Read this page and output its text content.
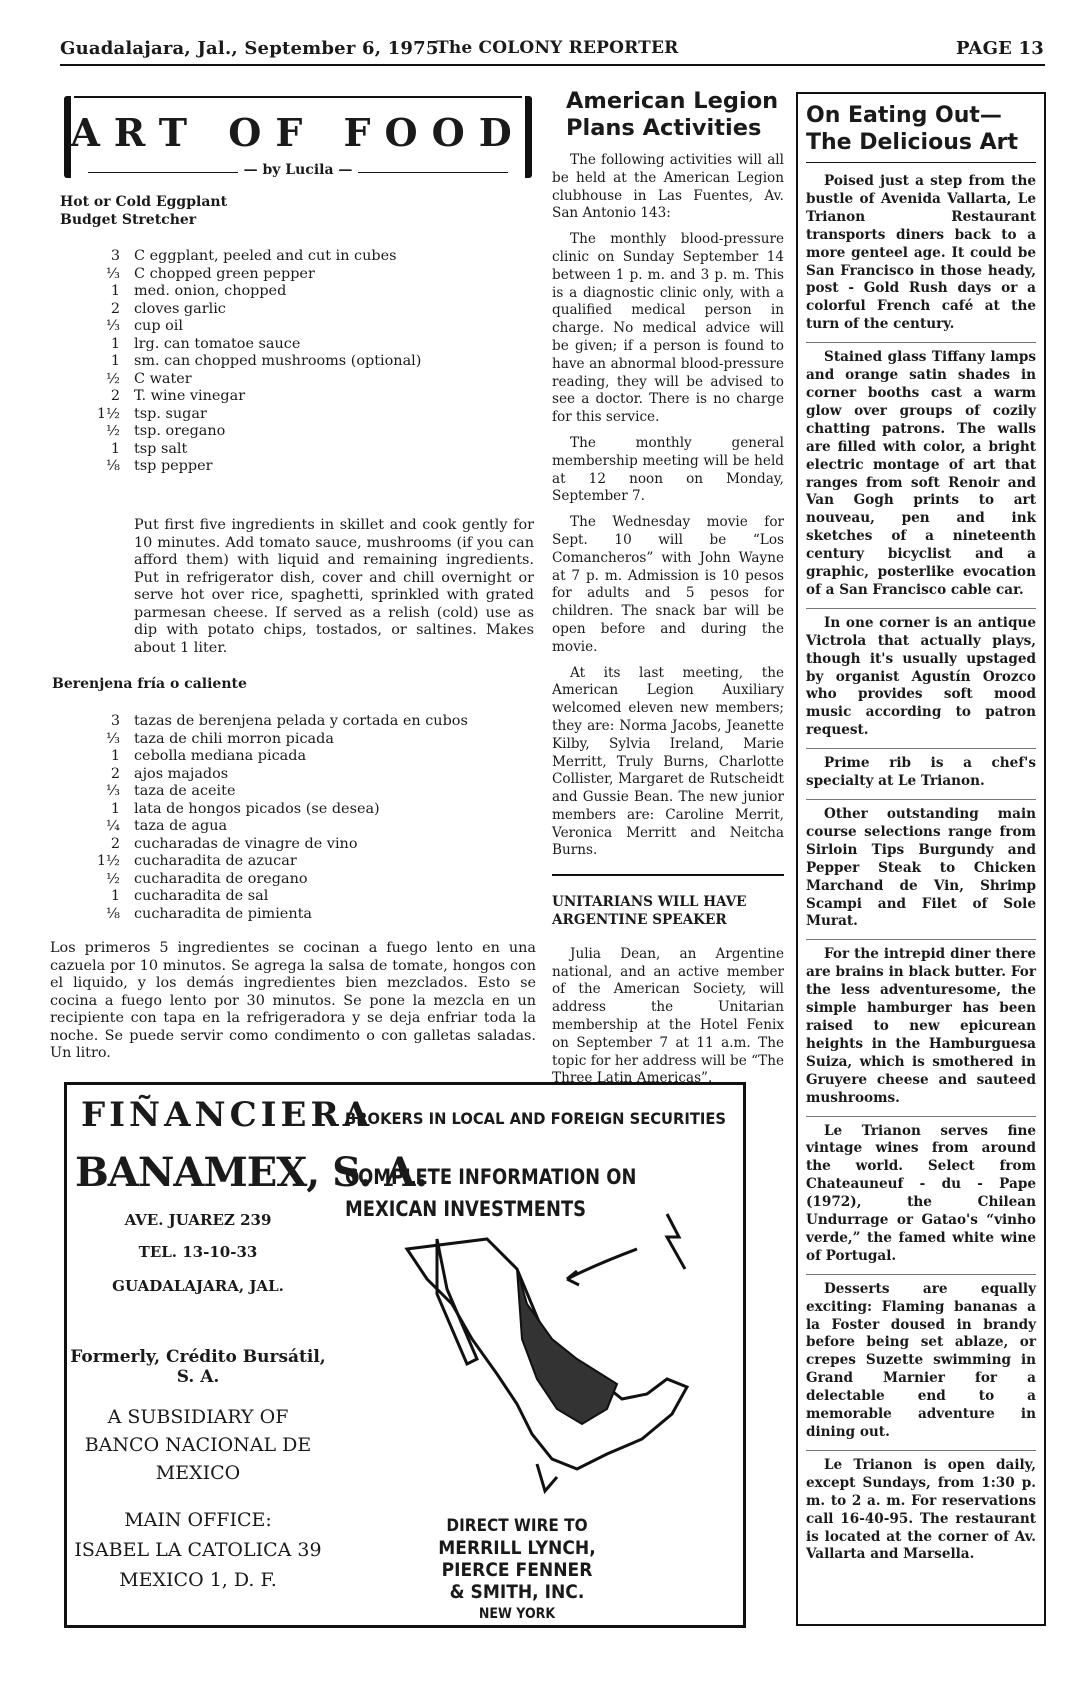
Guadalajara, Jal., September 6, 1975
The COLONY REPORTER	PAGE 13
ART OF FOOD
— by Lucila —
Hot or Cold Eggplant
Budget Stretcher
3	C eggplant, peeled and cut in cubes
⅓	C chopped green pepper
1	med. onion, chopped
2	cloves garlic
⅓	cup oil
1	lrg. can tomatoe sauce
1	sm. can chopped mushrooms (optional)
½	C water
2	T. wine vinegar
1½	tsp. sugar
½	tsp. oregano
1	tsp salt
⅛	tsp pepper

Put first five ingredients in skillet and cook gently for 10 minutes. Add tomato sauce, mushrooms (if you can afford them) with liquid and remaining ingredients. Put in refrigerator dish, cover and chill overnight or serve hot over rice, spaghetti, sprinkled with grated parmesan cheese. If served as a relish (cold) use as dip with potato chips, tostados, or saltines. Makes about 1 liter.

Berenjena fría o caliente
3	tazas de berenjena pelada y cortada en cubos
⅓	taza de chili morron picada
1	cebolla mediana picada
2	ajos majados
⅓	taza de aceite
1	lata de hongos picados (se desea)
¼	taza de agua
2	cucharadas de vinagre de vino
1½	cucharadita de azucar
½	cucharadita de oregano
1	cucharadita de sal
⅛	cucharadita de pimienta

Los primeros 5 ingredientes se cocinan a fuego lento en una cazuela por 10 minutos. Se agrega la salsa de tomate, hongos con el liquido, y los demás ingredientes bien mezclados. Esto se cocina a fuego lento por 30 minutos. Se pone la mezcla en un recipiente con tapa en la refrigeradora y se deja enfriar toda la noche. Se puede servir como condimento o con galletas saladas. Un litro.

American Legion Plans Activities

The following activities will all be held at the American Legion clubhouse in Las Fuentes, Av. San Antonio 143:

The monthly blood-pressure clinic on Sunday September 14 between 1 p. m. and 3 p. m. This is a diagnostic clinic only, with a qualified medical person in charge. No medical advice will be given; if a person is found to have an abnormal blood-pressure reading, they will be advised to see a doctor. There is no charge for this service.

The monthly general membership meeting will be held at 12 noon on Monday, September 7.

The Wednesday movie for Sept. 10 will be “Los Comancheros” with John Wayne at 7 p. m. Admission is 10 pesos for adults and 5 pesos for children. The snack bar will be open before and during the movie.

At its last meeting, the American Legion Auxiliary welcomed eleven new members; they are: Norma Jacobs, Jeanette Kilby, Sylvia Ireland, Marie Merritt, Truly Burns, Charlotte Collister, Margaret de Rutscheidt and Gussie Bean. The new junior members are: Caroline Merrit, Veronica Merritt and Neitcha Burns.

UNITARIANS WILL HAVE ARGENTINE SPEAKER

Julia Dean, an Argentine national, and an active member of the American Society, will address the Unitarian membership at the Hotel Fenix on September 7 at 11 a.m. The topic for her address will be “The Three Latin Americas”.

On Eating Out— The Delicious Art

Poised just a step from the bustle of Avenida Vallarta, Le Trianon Restaurant transports diners back to a more genteel age. It could be San Francisco in those heady, post - Gold Rush days or a colorful French café at the turn of the century.

Stained glass Tiffany lamps and orange satin shades in corner booths cast a warm glow over groups of cozily chatting patrons. The walls are filled with color, a bright electric montage of art that ranges from soft Renoir and Van Gogh prints to art nouveau, pen and ink sketches of a nineteenth century bicyclist and a graphic, posterlike evocation of a San Francisco cable car.

In one corner is an antique Victrola that actually plays, though it's usually upstaged by organist Agustín Orozco who provides soft mood music according to patron request.

Prime rib is a chef's specialty at Le Trianon.

Other outstanding main course selections range from Sirloin Tips Burgundy and Pepper Steak to Chicken Marchand de Vin, Shrimp Scampi and Filet of Sole Murat.

For the intrepid diner there are brains in black butter. For the less adventuresome, the simple hamburger has been raised to new epicurean heights in the Hamburguesa Suiza, which is smothered in Gruyere cheese and sauteed mushrooms.

Le Trianon serves fine vintage wines from around the world. Select from Chateauneuf - du - Pape (1972), the Chilean Undurrage or Gatao's “vinho verde,” the famed white wine of Portugal.

Desserts are equally exciting: Flaming bananas a la Foster doused in brandy before being set ablaze, or crepes Suzette swimming in Grand Marnier for a delectable end to a memorable adventure in dining out.

Le Trianon is open daily, except Sundays, from 1:30 p. m. to 2 a. m. For reservations call 16-40-95. The restaurant is located at the corner of Av. Vallarta and Marsella.

FIÑANCIERA
BROKERS IN LOCAL AND FOREIGN SECURITIES
BANAMEX, S. A.
COMPLETE INFORMATION ON
MEXICAN INVESTMENTS
AVE. JUAREZ 239
TEL. 13-10-33
GUADALAJARA, JAL.
Formerly, Crédito Bursátil, S. A.
A SUBSIDIARY OF
BANCO NACIONAL DE
MEXICO
MAIN OFFICE:
ISABEL LA CATOLICA 39
MEXICO 1, D. F.
DIRECT WIRE TO
MERRILL LYNCH,
PIERCE FENNER
& SMITH, INC.
NEW YORK
